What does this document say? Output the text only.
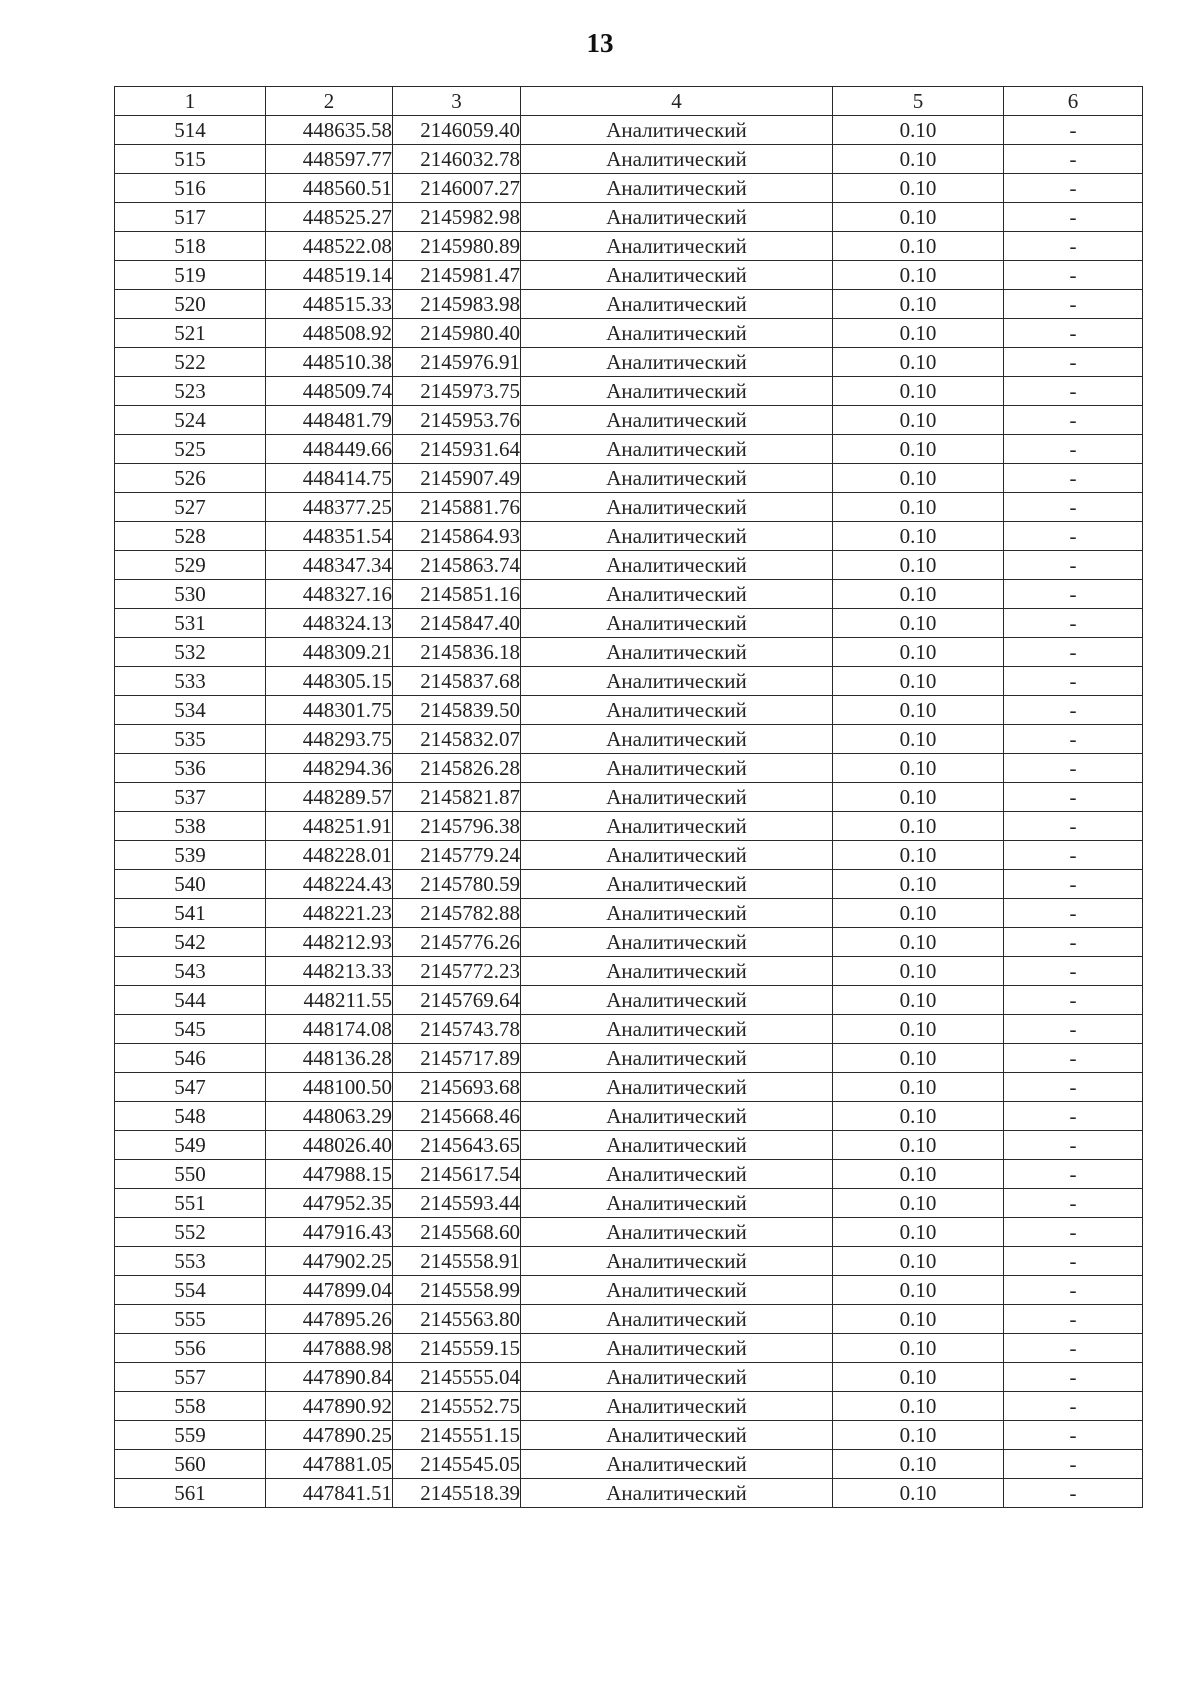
13
1	2	3	4	5	6
514	448635.58	2146059.40	Аналитический	0.10	-
515	448597.77	2146032.78	Аналитический	0.10	-
516	448560.51	2146007.27	Аналитический	0.10	-
517	448525.27	2145982.98	Аналитический	0.10	-
518	448522.08	2145980.89	Аналитический	0.10	-
519	448519.14	2145981.47	Аналитический	0.10	-
520	448515.33	2145983.98	Аналитический	0.10	-
521	448508.92	2145980.40	Аналитический	0.10	-
522	448510.38	2145976.91	Аналитический	0.10	-
523	448509.74	2145973.75	Аналитический	0.10	-
524	448481.79	2145953.76	Аналитический	0.10	-
525	448449.66	2145931.64	Аналитический	0.10	-
526	448414.75	2145907.49	Аналитический	0.10	-
527	448377.25	2145881.76	Аналитический	0.10	-
528	448351.54	2145864.93	Аналитический	0.10	-
529	448347.34	2145863.74	Аналитический	0.10	-
530	448327.16	2145851.16	Аналитический	0.10	-
531	448324.13	2145847.40	Аналитический	0.10	-
532	448309.21	2145836.18	Аналитический	0.10	-
533	448305.15	2145837.68	Аналитический	0.10	-
534	448301.75	2145839.50	Аналитический	0.10	-
535	448293.75	2145832.07	Аналитический	0.10	-
536	448294.36	2145826.28	Аналитический	0.10	-
537	448289.57	2145821.87	Аналитический	0.10	-
538	448251.91	2145796.38	Аналитический	0.10	-
539	448228.01	2145779.24	Аналитический	0.10	-
540	448224.43	2145780.59	Аналитический	0.10	-
541	448221.23	2145782.88	Аналитический	0.10	-
542	448212.93	2145776.26	Аналитический	0.10	-
543	448213.33	2145772.23	Аналитический	0.10	-
544	448211.55	2145769.64	Аналитический	0.10	-
545	448174.08	2145743.78	Аналитический	0.10	-
546	448136.28	2145717.89	Аналитический	0.10	-
547	448100.50	2145693.68	Аналитический	0.10	-
548	448063.29	2145668.46	Аналитический	0.10	-
549	448026.40	2145643.65	Аналитический	0.10	-
550	447988.15	2145617.54	Аналитический	0.10	-
551	447952.35	2145593.44	Аналитический	0.10	-
552	447916.43	2145568.60	Аналитический	0.10	-
553	447902.25	2145558.91	Аналитический	0.10	-
554	447899.04	2145558.99	Аналитический	0.10	-
555	447895.26	2145563.80	Аналитический	0.10	-
556	447888.98	2145559.15	Аналитический	0.10	-
557	447890.84	2145555.04	Аналитический	0.10	-
558	447890.92	2145552.75	Аналитический	0.10	-
559	447890.25	2145551.15	Аналитический	0.10	-
560	447881.05	2145545.05	Аналитический	0.10	-
561	447841.51	2145518.39	Аналитический	0.10	-
